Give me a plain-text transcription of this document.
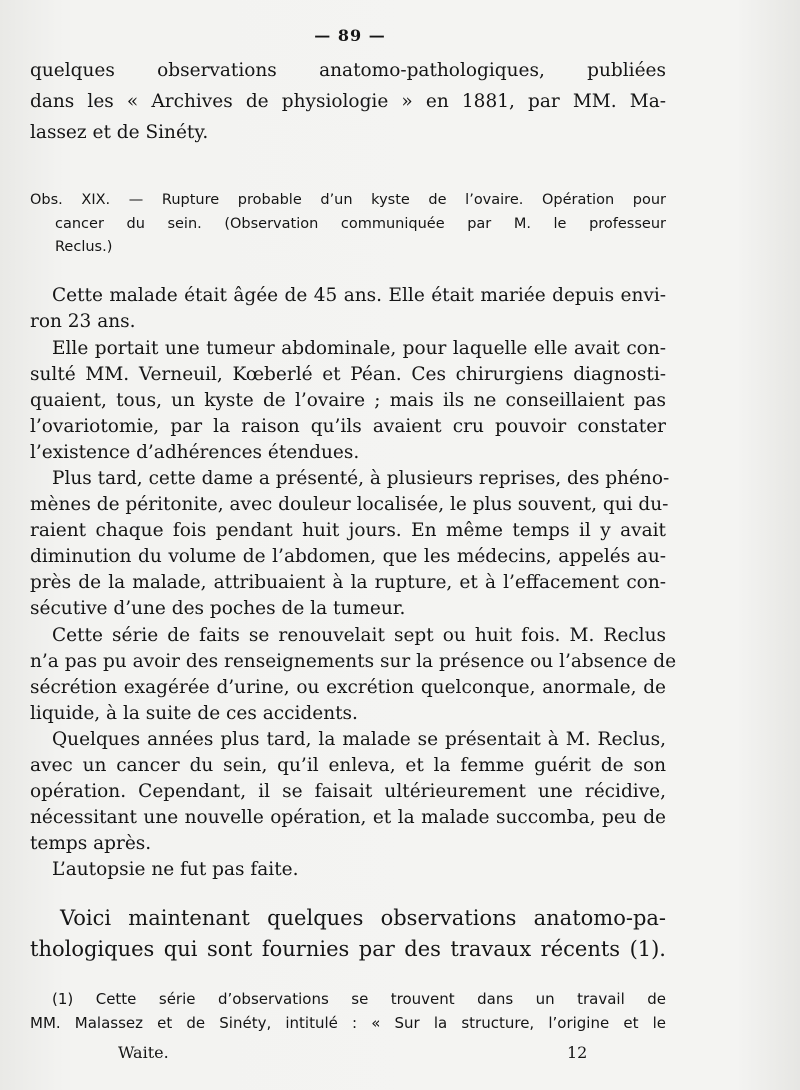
— 89 —
quelques observations anatomo-pathologiques, publiées
dans les « Archives de physiologie » en 1881, par MM. Ma-
lassez et de Sinéty.
Obs. XIX. — Rupture probable d’un kyste de l’ovaire. Opération pour
cancer du sein. (Observation communiquée par M. le professeur
Reclus.)
Cette malade était âgée de 45 ans. Elle était mariée depuis envi-
ron 23 ans.
Elle portait une tumeur abdominale, pour laquelle elle avait con-
sulté MM. Verneuil, Kœberlé et Péan. Ces chirurgiens diagnosti-
quaient, tous, un kyste de l’ovaire ; mais ils ne conseillaient pas
l’ovariotomie, par la raison qu’ils avaient cru pouvoir constater
l’existence d’adhérences étendues.
Plus tard, cette dame a présenté, à plusieurs reprises, des phéno-
mènes de péritonite, avec douleur localisée, le plus souvent, qui du-
raient chaque fois pendant huit jours. En même temps il y avait
diminution du volume de l’abdomen, que les médecins, appelés au-
près de la malade, attribuaient à la rupture, et à l’effacement con-
sécutive d’une des poches de la tumeur.
Cette série de faits se renouvelait sept ou huit fois. M. Reclus
n’a pas pu avoir des renseignements sur la présence ou l’absence de
sécrétion exagérée d’urine, ou excrétion quelconque, anormale, de
liquide, à la suite de ces accidents.
Quelques années plus tard, la malade se présentait à M. Reclus,
avec un cancer du sein, qu’il enleva, et la femme guérit de son
opération. Cependant, il se faisait ultérieurement une récidive,
nécessitant une nouvelle opération, et la malade succomba, peu de
temps après.
L’autopsie ne fut pas faite.
Voici maintenant quelques observations anatomo-pa-
thologiques qui sont fournies par des travaux récents (1).
(1) Cette série d’observations se trouvent dans un travail de
MM. Malassez et de Sinéty, intitulé : « Sur la structure, l’origine et le
Waite.	12
